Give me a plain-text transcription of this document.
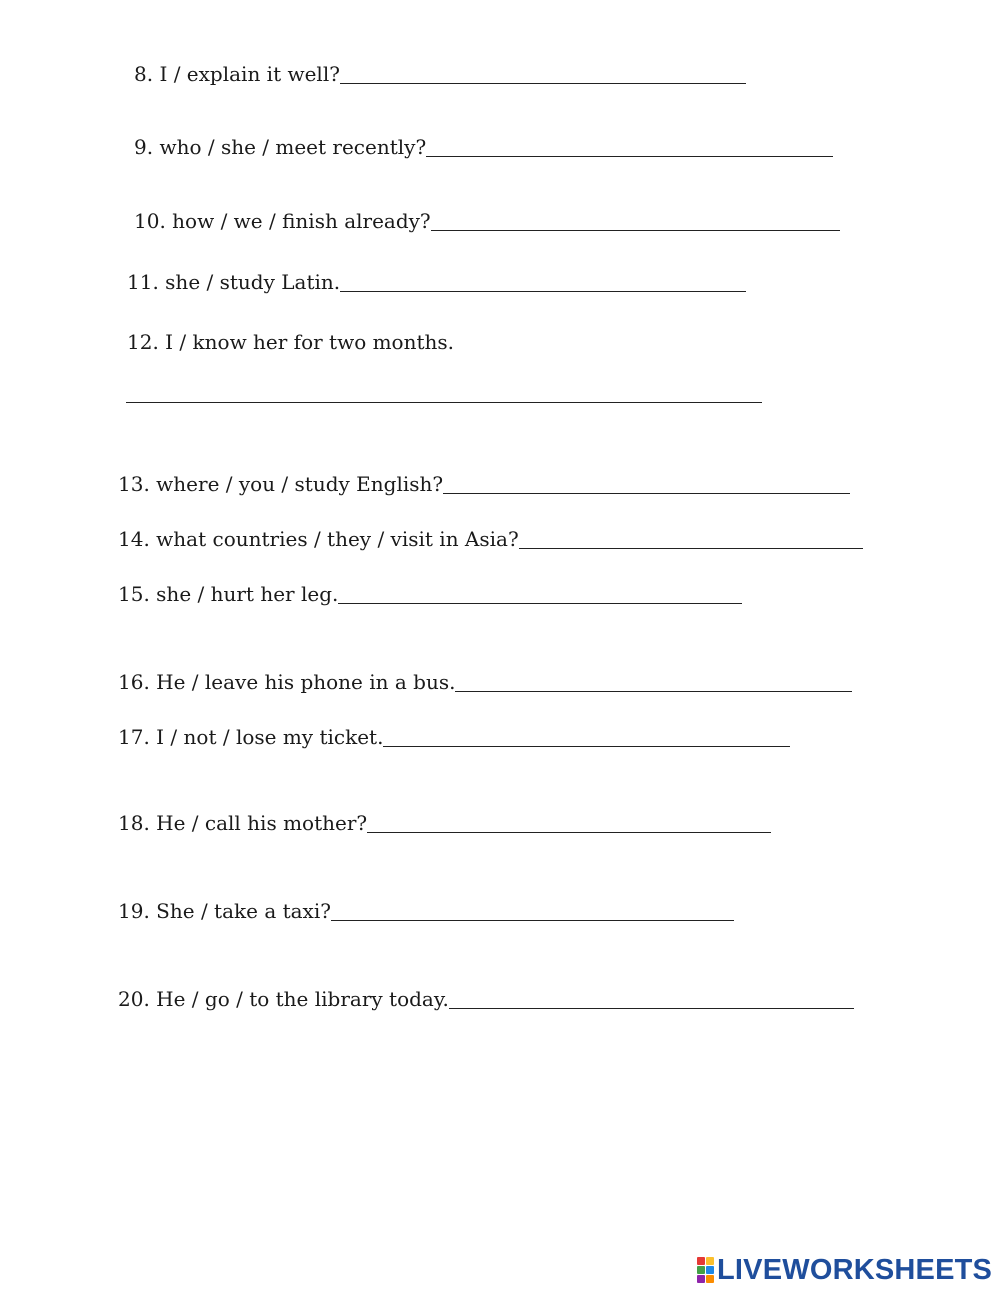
8.
I / explain it well?
9.
who / she / meet recently?
10.
how / we / finish already?
11.
she / study Latin.
12.
I / know her for two months.
13.
where / you / study English?
14.
what countries / they / visit in Asia?
15.
she / hurt her leg.
16.
He / leave his phone in a bus.
17.
I / not / lose my ticket.
18.
He / call his mother?
19.
She / take a taxi?
20.
He / go / to the library today.
LIVEWORKSHEETS
